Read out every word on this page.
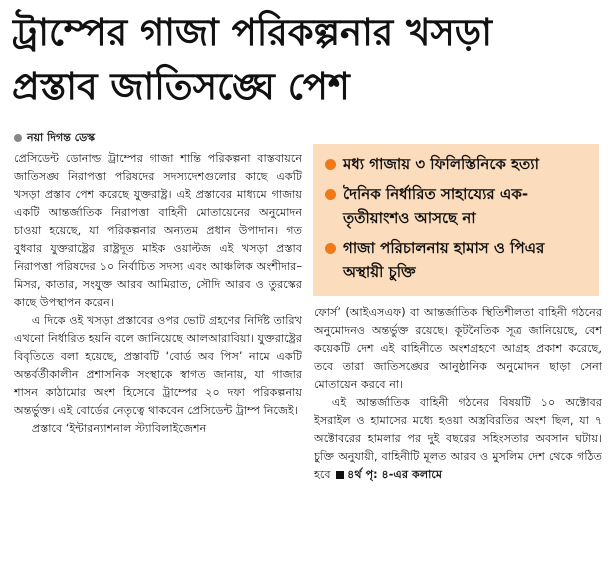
ট্রাম্পের গাজা পরিকল্পনার খসড়া
প্রস্তাব জাতিসঙ্ঘে পেশ
নয়া দিগন্ত ডেস্ক

প্রেসিডেন্ট ডোনাল্ড ট্রাম্পের গাজা শান্তি পরিকল্পনা বাস্তবায়নে জাতিসঙ্ঘ নিরাপত্তা পরিষদের সদস্যদেশগুলোর কাছে একটি খসড়া প্রস্তাব পেশ করেছে যুক্তরাষ্ট্র। এই প্রস্তাবের মাধ্যমে গাজায় একটি আন্তর্জাতিক নিরাপত্তা বাহিনী মোতায়েনের অনুমোদন চাওয়া হয়েছে, যা পরিকল্পনার অন্যতম প্রধান উপাদান। গত বুধবার যুক্তরাষ্ট্রের রাষ্ট্রদূত মাইক ওয়াল্টজ এই খসড়া প্রস্তাব নিরাপত্তা পরিষদের ১০ নির্বাচিত সদস্য এবং আঞ্চলিক অংশীদার– মিসর, কাতার, সংযুক্ত আরব আমিরাত, সৌদি আরব ও তুরস্কের কাছে উপস্থাপন করেন।

এ দিকে ওই খসড়া প্রস্তাবের ওপর ভোট গ্রহণের নির্দিষ্ট তারিখ এখনো নির্ধারিত হয়নি বলে জানিয়েছে আলআরাবিয়া। যুক্তরাষ্ট্রের বিবৃতিতে বলা হয়েছে, প্রস্তাবটি ‘বোর্ড অব পিস’ নামে একটি অন্তর্বর্তীকালীন প্রশাসনিক সংস্থাকে স্বাগত জানায়, যা গাজার শাসন কাঠামোর অংশ হিসেবে ট্রাম্পের ২০ দফা পরিকল্পনায় অন্তর্ভুক্ত। এই বোর্ডের নেতৃত্বে থাকবেন প্রেসিডেন্ট ট্রাম্প নিজেই।

প্রস্তাবে ‘ইন্টারন্যাশনাল স্ট্যাবিলাইজেশন

মধ্য গাজায় ৩ ফিলিস্তিনিকে হত্যা
দৈনিক নির্ধারিত সাহায্যের এক-তৃতীয়াংশও আসছে না
গাজা পরিচালনায় হামাস ও পিএর অস্থায়ী চুক্তি

ফোর্স’ (আইএসএফ) বা আন্তর্জাতিক স্থিতিশীলতা বাহিনী গঠনের অনুমোদনও অন্তর্ভুক্ত রয়েছে। কূটনৈতিক সূত্র জানিয়েছে, বেশ কয়েকটি দেশ এই বাহিনীতে অংশগ্রহণে আগ্রহ প্রকাশ করেছে, তবে তারা জাতিসঙ্ঘের আনুষ্ঠানিক অনুমোদন ছাড়া সেনা মোতায়েন করবে না।

এই আন্তর্জাতিক বাহিনী গঠনের বিষয়টি ১০ অক্টোবর ইসরাইল ও হামাসের মধ্যে হওয়া অস্ত্রবিরতির অংশ ছিল, যা ৭ অক্টোবরের হামলার পর দুই বছরের সহিংসতার অবসান ঘটায়। চুক্তি অনুযায়ী, বাহিনীটি মূলত আরব ও মুসলিম দেশ থেকে গঠিত হবে ৪র্থ পৃ: ৪-এর কলামে
